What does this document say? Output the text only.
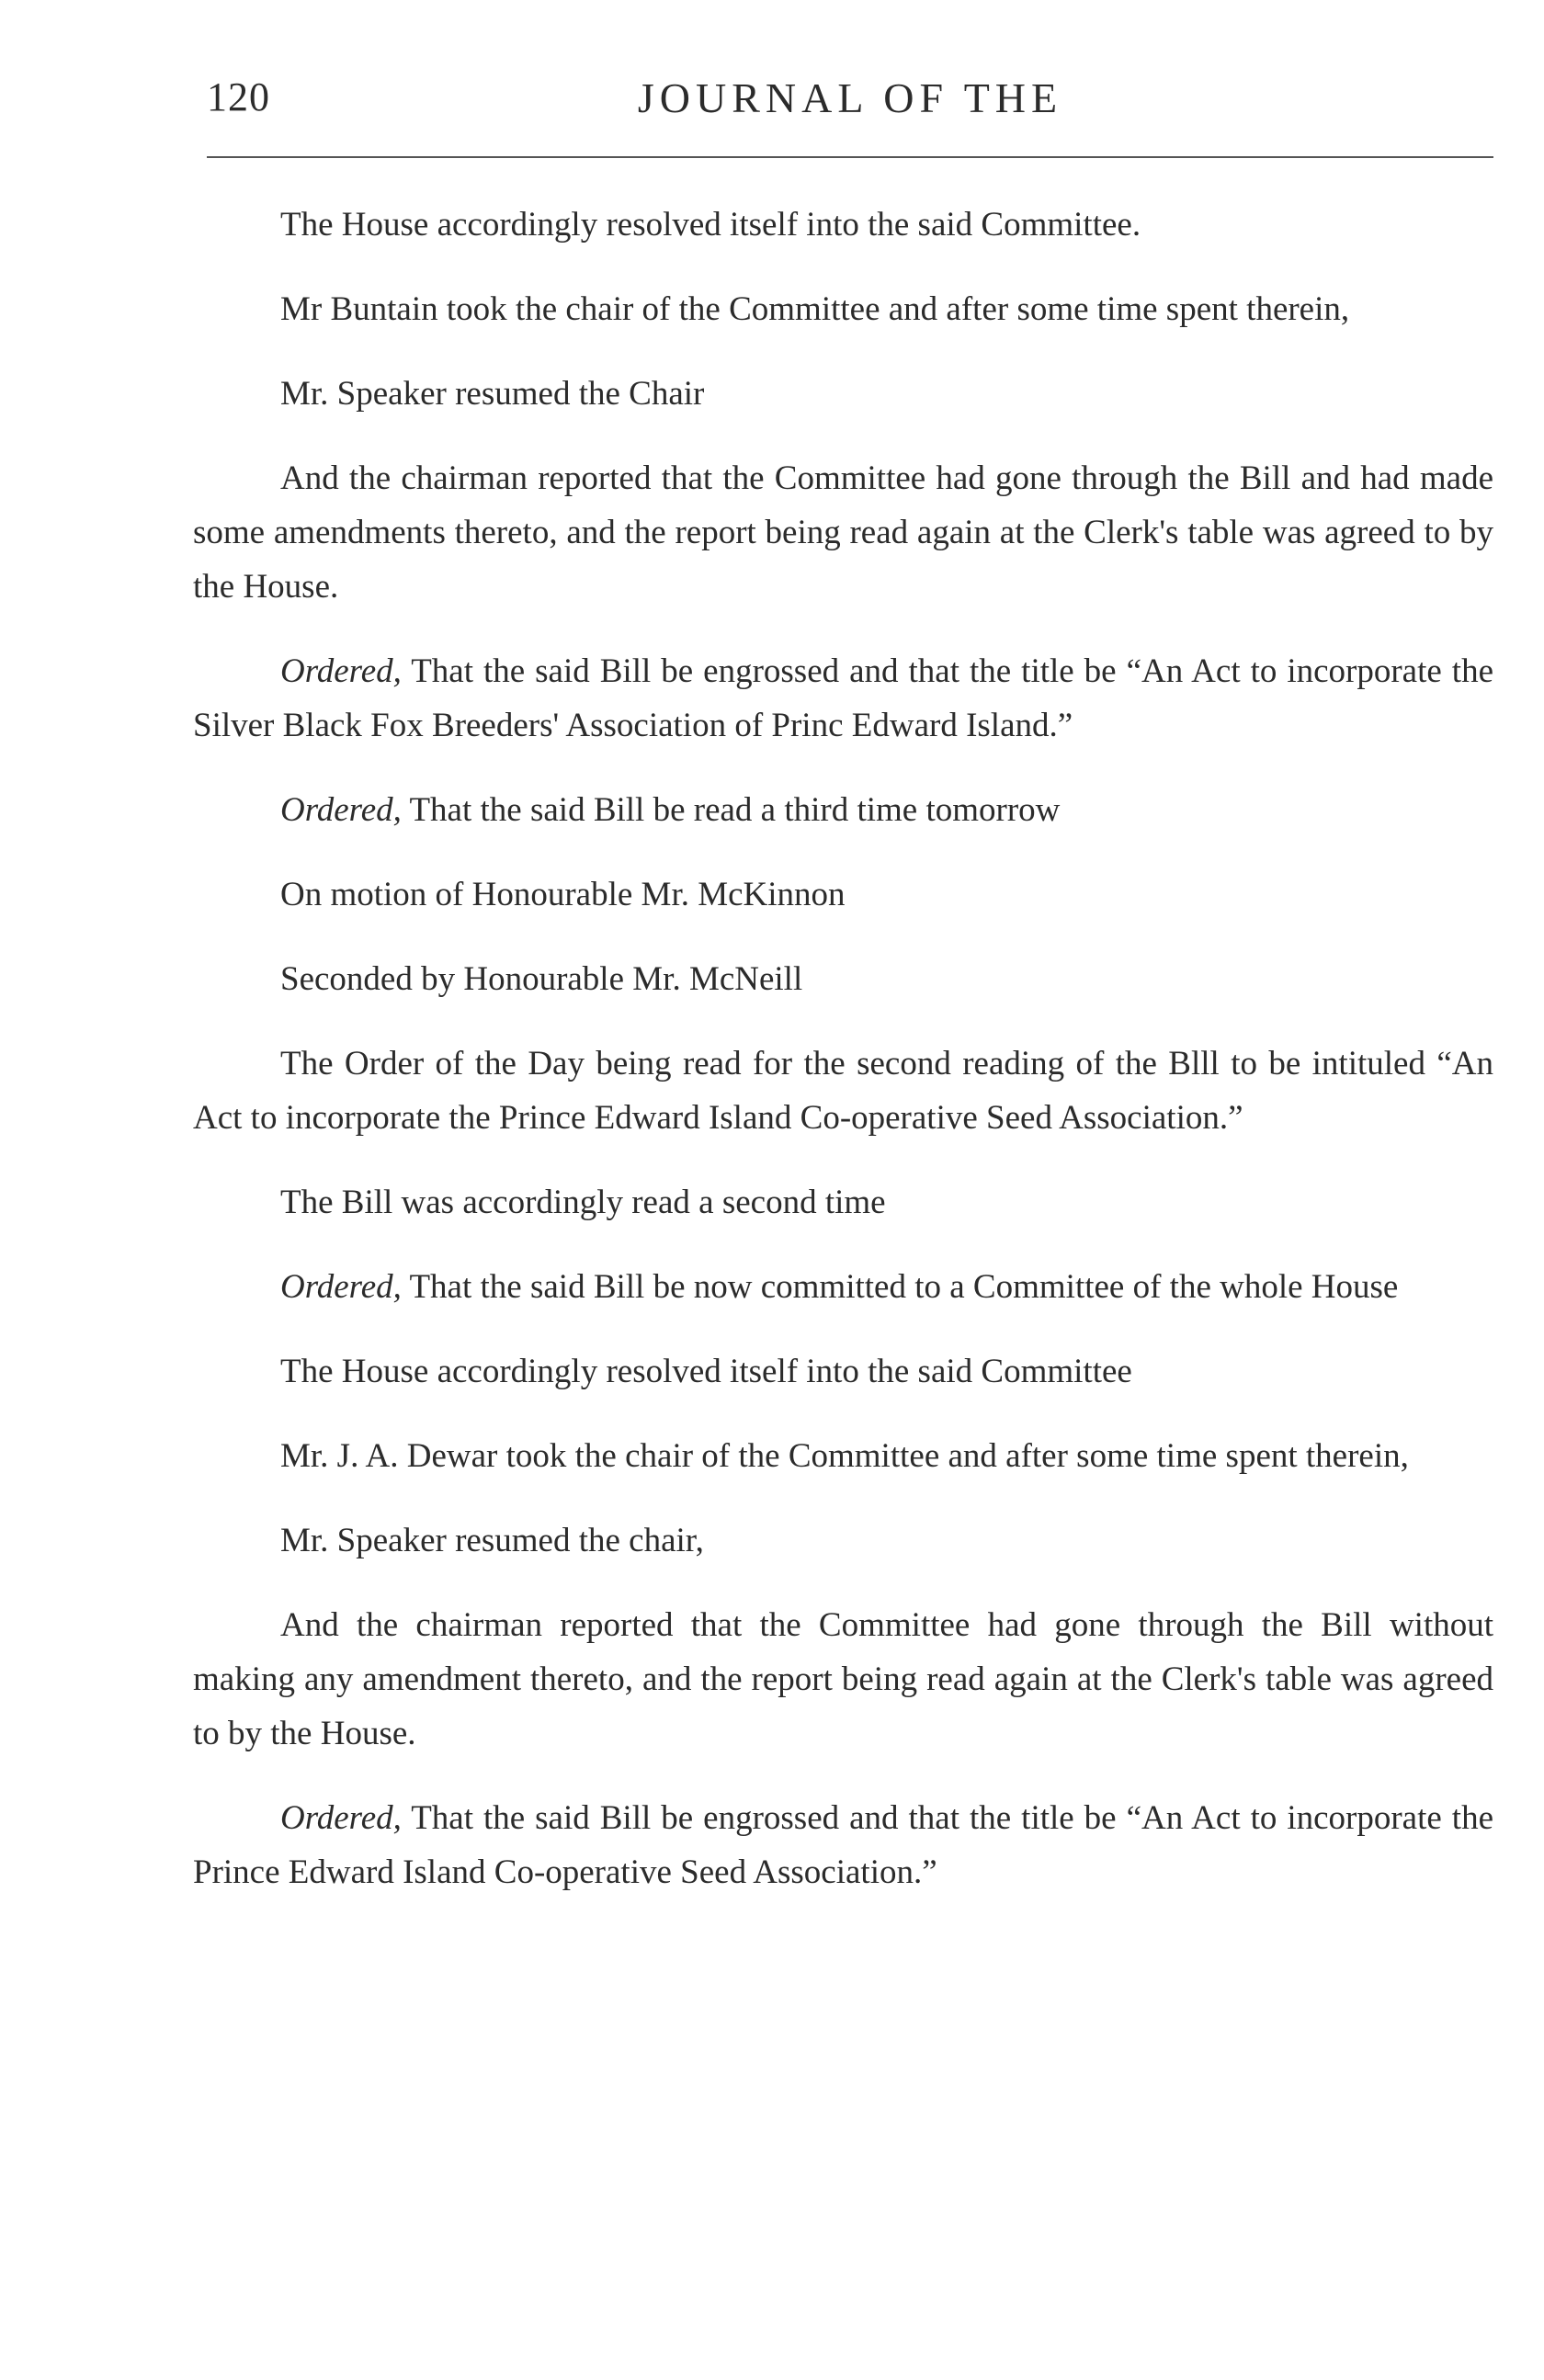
120	JOURNAL OF THE

The House accordingly resolved itself into the said Committee.

Mr Buntain took the chair of the Committee and after some time spent therein,

Mr. Speaker resumed the Chair

And the chairman reported that the Committee had gone through the Bill and had made some amendments thereto, and the report being read again at the Clerk's table was agreed to by the House.

Ordered, That the said Bill be engrossed and that the title be “An Act to incorporate the Silver Black Fox Breeders' Association of Princ Edward Island.”

Ordered, That the said Bill be read a third time tomorrow

On motion of Honourable Mr. McKinnon

Seconded by Honourable Mr. McNeill

The Order of the Day being read for the second reading of the Blll to be intituled “An Act to incorporate the Prince Edward Island Co-operative Seed Association.”

The Bill was accordingly read a second time

Ordered, That the said Bill be now committed to a Committee of the whole House

The House accordingly resolved itself into the said Committee

Mr. J. A. Dewar took the chair of the Committee and after some time spent therein,

Mr. Speaker resumed the chair,

And the chairman reported that the Committee had gone through the Bill without making any amendment thereto, and the report being read again at the Clerk's table was agreed to by the House.

Ordered, That the said Bill be engrossed and that the title be “An Act to incorporate the Prince Edward Island Co-operative Seed Association.”
